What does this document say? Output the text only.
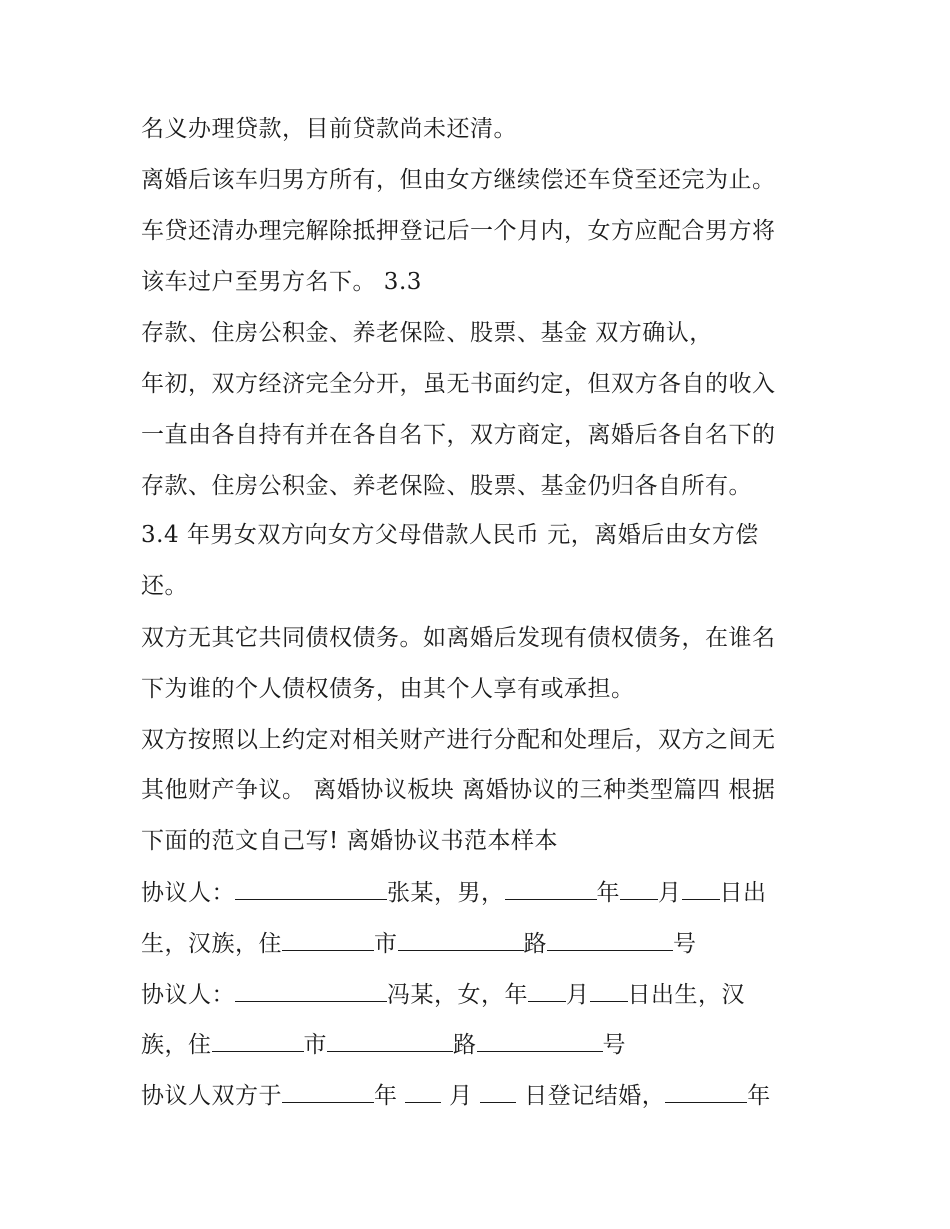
名义办理贷款，目前贷款尚未还清。
离婚后该车归男方所有，但由女方继续偿还车贷至还完为止。
车贷还清办理完解除抵押登记后一个月内，女方应配合男方将
该车过户至男方名下。 3.3
存款、住房公积金、养老保险、股票、基金 双方确认，
年初，双方经济完全分开，虽无书面约定，但双方各自的收入
一直由各自持有并在各自名下，双方商定，离婚后各自名下的
存款、住房公积金、养老保险、股票、基金仍归各自所有。
3.4 年男女双方向女方父母借款人民币 元，离婚后由女方偿
还。
双方无其它共同债权债务。如离婚后发现有债权债务，在谁名
下为谁的个人债权债务，由其个人享有或承担。
双方按照以上约定对相关财产进行分配和处理后，双方之间无
其他财产争议。 离婚协议板块 离婚协议的三种类型篇四 根据
下面的范文自己写! 离婚协议书范本样本
协议人：	张某，男，	年 月 日出
生，汉族，住	市	路	号
协议人：	冯某，女，年 月 日出生，汉
族，住	市	路	号
协议人双方于	年  月  日登记结婚，	年
